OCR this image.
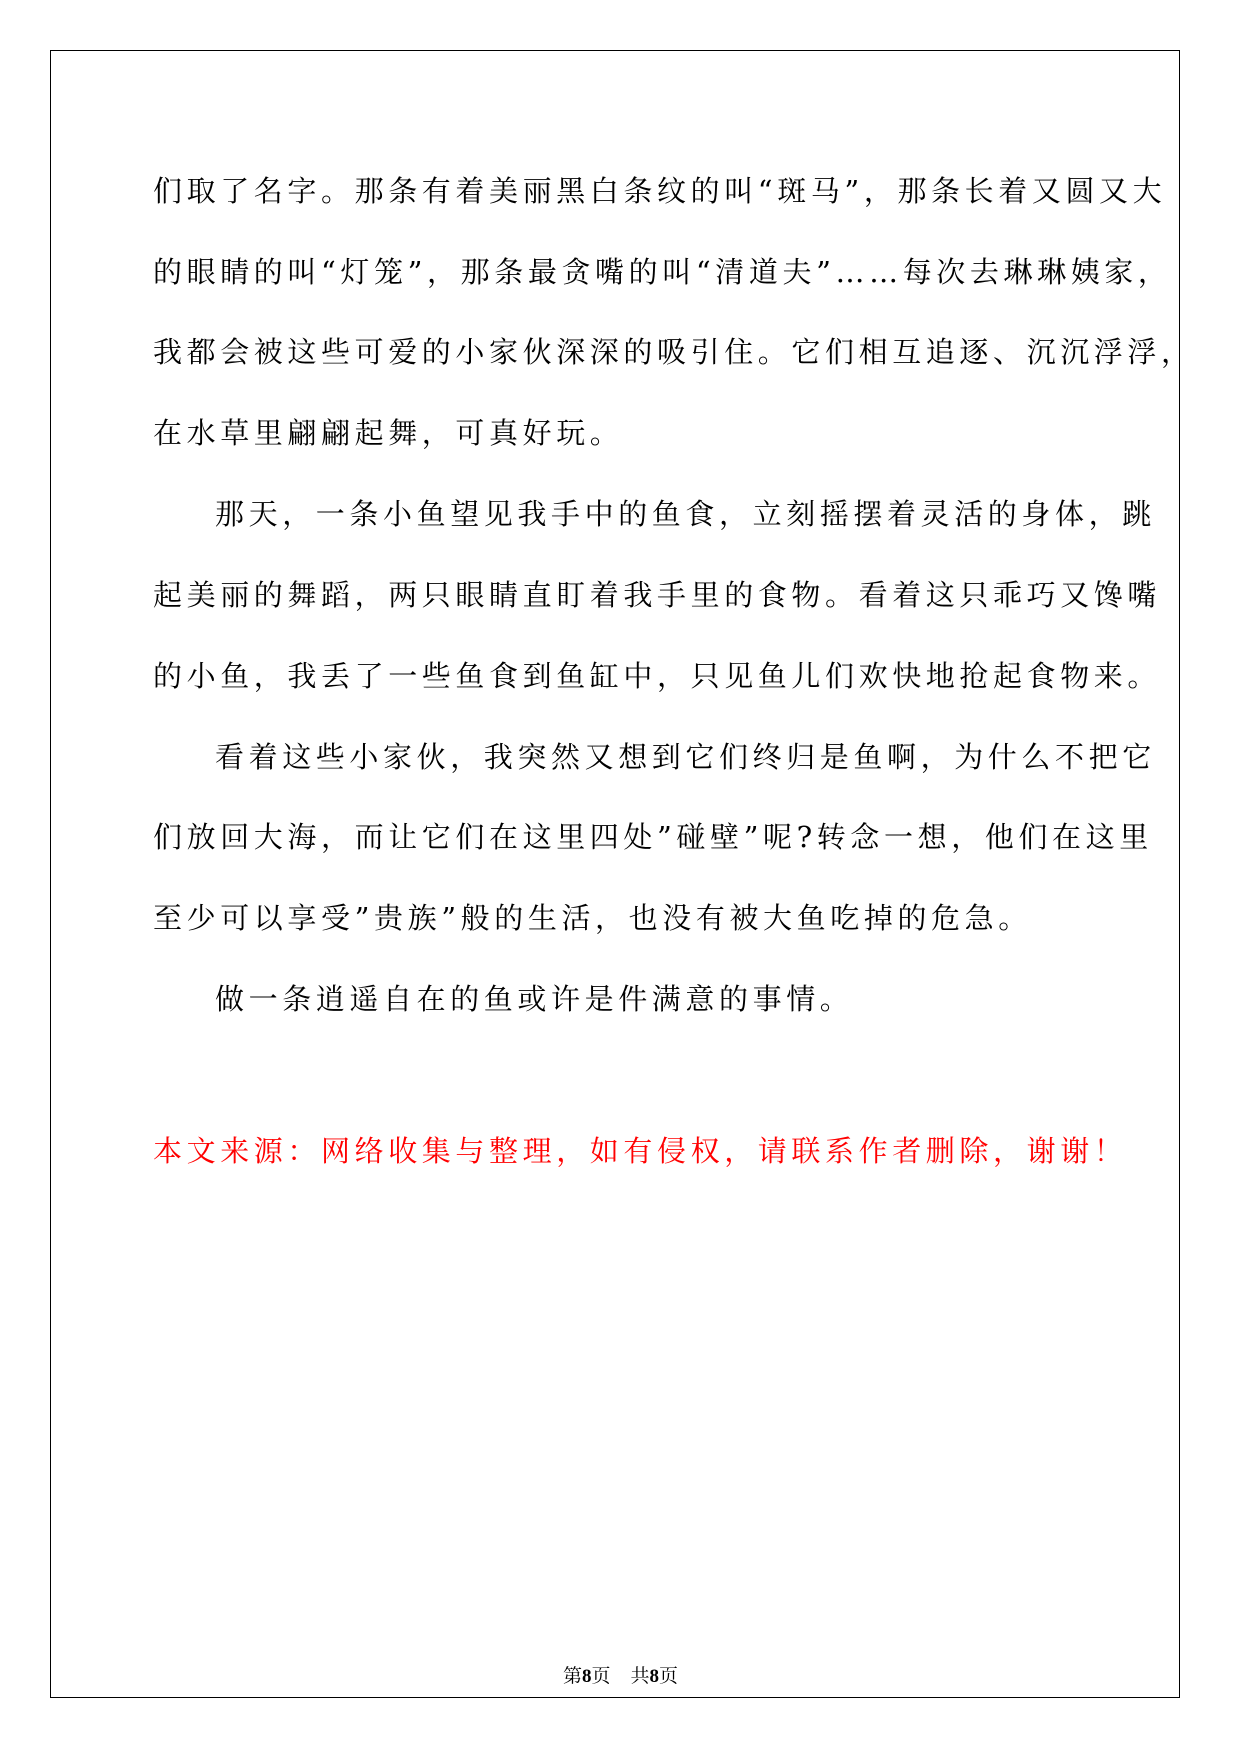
们取了名字。那条有着美丽黑白条纹的叫“斑马”，那条长着又圆又大
的眼睛的叫“灯笼”，那条最贪嘴的叫“清道夫”……每次去琳琳姨家，
我都会被这些可爱的小家伙深深的吸引住。它们相互追逐、沉沉浮浮，
在水草里翩翩起舞，可真好玩。
那天，一条小鱼望见我手中的鱼食，立刻摇摆着灵活的身体，跳
起美丽的舞蹈，两只眼睛直盯着我手里的食物。看着这只乖巧又馋嘴
的小鱼，我丢了一些鱼食到鱼缸中，只见鱼儿们欢快地抢起食物来。
看着这些小家伙，我突然又想到它们终归是鱼啊，为什么不把它
们放回大海，而让它们在这里四处”碰壁”呢?转念一想，他们在这里
至少可以享受”贵族”般的生活，也没有被大鱼吃掉的危急。
做一条逍遥自在的鱼或许是件满意的事情。
本文来源：网络收集与整理，如有侵权，请联系作者删除，谢谢！
第8页 共8页
